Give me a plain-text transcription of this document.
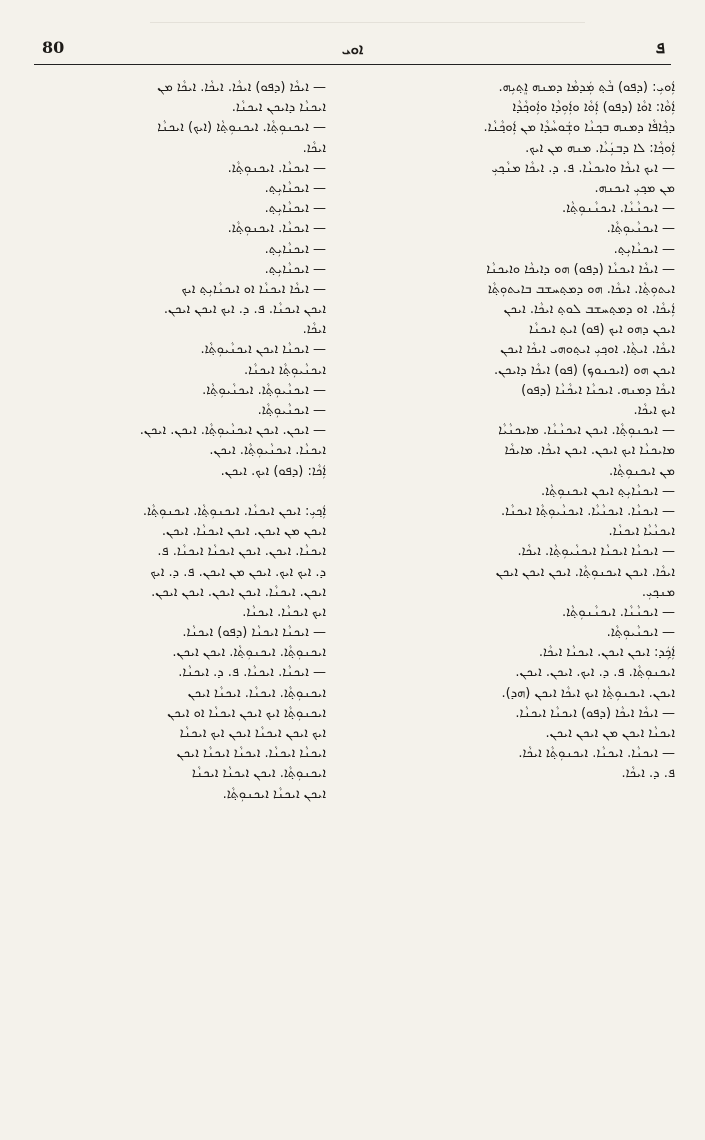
80	ܐܘܝ	ܦ
ܐܲܘܝܼ: (ܕܦܘ) ܒܵܬ݂ ܡܲܕܡܵܐ ܕܡܢܗ ܐܸܬ݂ܝܼܗ.
ܐܲܘܵܐ: ܐܘܵܐ (ܕܦܘ) ܐܲܘܵܐ ܘܐܲܘܼܕܵܐ ܘܐܲܘܟ݂ܵܕܵܐ
ܕܟ݂ܵܐܦܵܐ ܕܡܢܗ ܒܟ݂ܢܵܐ ܘܫܲܘܚܵܕܵܐ ܡܢ ܐܲܘܟ݂ܵܢܵܐ.
ܐܲܘܟ݂ܵܐ: ܠܐ ܕܒܢܲܝܵܐ. ܡܢܗ ܡܢ ܐܝܟ.
— ܐܝܟ ܐܝܟܵܐ ܘܐܝܟܢܵܐ. ܦ. ܕ. ܐܝܟܵܐ ܡܢܵܟ݂ܝܼ
ܡܢ ܡܟ݂ܝܼ ܐܝܟܢܗ.
— ܐܝܟܢܵܢܵܐ. ܐܝܟܢܵܢܘܼܬ݂ܵܐ.
— ܐܝܟܢܵܝܘܼܬ݂ܵܐ.
— ܐܝܟܢܵܐܝܼܬ݂.
— ܐܝܟܵܐ ܐܝܟܢܵܐ (ܕܦܘ) ܗܘ ܕܐܝܟܵܐ ܘܐܝܟܢܵܐ
ܐܝܬܘܼܬ݂ܵܐ. ܐܝܟܵܐ. ܗܘ ܕܡܬ݂ܚܫܒ ܒܐܝܬܘܼܬ݂ܵܐ
ܐܲܝܟܵܐ. ܐܘ ܕܡܬ݂ܚܫܒ ܠܘܬ݂ ܐܝܟܵܐ. ܐܝܟܢ
ܐܝܟܢ ܕܗܘ ܐܝܟ (ܦܘ) ܐܝܬ݂ ܐܝܟܢܵܐ
ܐܝܟܵܐ. ܐܝܬ݂ܵܐ. ܐܘܟ݂ܝܼ ܐܝܬ݂ܘܗܝ ܐܝܟܵܐ ܐܝܟܢ
ܐܝܟܢ ܗܘ (ܐܝܟܢܘܟ݂) (ܦܘ) ܐܝܟܵܐ ܕܐܝܟܢ.
ܐܝܟܵܐ ܕܡܢܗ. ܐܝܟܢܵܐ ܐܝܟܵܢܵܐ (ܕܦܘ)
ܐܝܟ ܐܝܟܵܐ.
— ܐܝܟܢܘܼܬ݂ܵܐ. ܐܝܟܢ ܐܝܟܢܵܢܵܐ. ܡܐܝܟܢܵܝܵܐ
ܡܐܝܟܢܵܐ ܐܝܟ ܐܝܟܢ. ܐܝܟܢ ܐܝܟܵܐ. ܡܐܝܟܵܐ
ܡܢ ܐܝܟܢܘܼܬ݂ܵܐ.
— ܐܝܟܢܵܐܝܼܬ݂ ܐܝܟܢ ܐܝܟܢܘܼܬ݂ܵܐ.
— ܐܝܟܢܵܐ. ܐܝܟܢܵܝܵܐ. ܐܝܟܢܵܝܘܼܬ݂ܵܐ ܐܝܟܢܵܐ.
ܐܝܟܢܵܝܵܐ ܐܝܟܢܵܐ.
— ܐܝܟܢܵܐ ܐܝܟܢܵܐ ܐܝܟܢܵܝܘܼܬ݂ܵܐ. ܐܝܟܵܐ.
ܐܝܟܵܐ. ܐܝܟܢ ܐܝܟܢܘܼܬ݂ܵܐ. ܐܝܟܢ ܐܝܟܢ ܐܝܟܢ
ܡܢܟ݂ܝܼ.
— ܐܝܟܢܵܢܵܐ. ܐܝܟܢܵܢܘܼܬ݂ܵܐ.
— ܐܝܟܢܵܝܘܼܬ݂ܵܐ.
ܐܲܟ݂ܲܕ: ܐܝܟܢ ܐܝܟܢ. ܐܝܟܢܵܐ ܐܝܟܵܐ.
ܐܝܟܢܘܼܬ݂ܵܐ. ܦ. ܕ. ܐܝܟ. ܐܝܟܢ. ܐܝܟܢ.
ܐܝܟܢ. ܐܝܟܢܘܼܬ݂ܵܐ ܐܝܟ ܐܝܟܵܐ ܐܝܟܢ (ܗܕ).
— ܐܝܟܵܐ ܐܝܟܵܐ (ܕܦܘ) ܐܝܟܢܵܐ ܐܝܟܢܵܐ.
ܐܝܟܢܵܐ ܐܝܟܢ ܡܢ ܐܝܟܢ ܐܝܟܢ.
— ܐܝܟܢܵܐ. ܐܝܟܢܵܐ. ܐܝܟܢܘܼܬ݂ܵܐ ܐܝܟܵܐ.
ܦ. ܕ. ܐܝܟܵܐ.
— ܐܝܟܵܐ (ܕܦܘ) ܐܝܟܵܐ. ܐܝܟܵܐ. ܐܝܟܵܐ ܡܢ
ܐܝܟܢܵܐ ܕܐܝܟܢ ܐܝܟܢܵܐ.
— ܐܝܟܢܘܼܬ݂ܵܐ. ܐܝܟܢܘܼܬ݂ܵܐ (ܐܝܟ) ܐܝܟܢܵܐ
ܐܝܟܵܐ.
— ܐܝܟܢܵܐ. ܐܝܟܢܘܼܬ݂ܵܐ.
— ܐܝܟܢܵܐܝܼܬ݂.
— ܐܝܟܢܵܐܝܼܬ݂.
— ܐܝܟܢܵܐ. ܐܝܟܢܘܼܬ݂ܵܐ.
— ܐܝܟܢܵܐܝܼܬ݂.
— ܐܝܟܢܵܐܝܼܬ݂.
— ܐܝܟܵܐ ܐܝܟܢܵܐ ܐܘ ܐܝܟܢܵܐܝܼܬ݂ ܐܝܟ
ܐܝܟܢ ܐܝܟܢܵܐ. ܦ. ܕ. ܐܝܟ ܐܝܟܢ ܐܝܟܢ.
ܐܝܟܵܐ.
— ܐܝܟܢܵܐ ܐܝܟܢ ܐܝܟܢܵܝܘܼܬ݂ܵܐ.
ܐܝܟܢܵܝܘܼܬ݂ܵܐ ܐܝܟܢܵܐ.
— ܐܝܟܢܵܝܘܼܬ݂ܵܐ. ܐܝܟܢܵܝܘܼܬ݂ܵܐ.
— ܐܝܟܢܵܝܘܼܬ݂ܵܐ.
— ܐܝܟܢ. ܐܝܟܢ ܐܝܟܢܵܝܘܼܬ݂ܵܐ. ܐܝܟܢ. ܐܝܟܢ.
ܐܝܟܢܵܐ. ܐܝܟܢܵܝܘܼܬ݂ܵܐ. ܐܝܟܢ.
ܐܲܟܵܐ: (ܕܦܘ) ܐܝܟ. ܐܝܟܢ.
ܐܲܟ݂ܝܼ: ܐܝܟܢ ܐܝܟܢܵܐ. ܐܝܟܢܘܼܬ݂ܵܐ. ܐܝܟܢܘܼܬ݂ܵܐ.
ܐܝܟܢ ܡܢ ܐܝܟܢ. ܐܝܟܢ ܐܝܟܢܵܐ. ܐܝܟܢ.
ܐܝܟܢܵܐ. ܐܝܟܢ. ܐܝܟܢ ܐܝܟܢܵܐ ܐܝܟܢܵܐ. ܦ.
ܕ. ܐܝܟ ܐܝܟ. ܐܝܟܢ ܡܢ ܐܝܟܢ. ܦ. ܕ. ܐܝܟ
ܐܝܟܢ. ܐܝܟܢܵܐ. ܐܝܟܢ ܐܝܟܢ. ܐܝܟܢ ܐܝܟܢ.
ܐܝܟ ܐܝܟܢܵܐ. ܐܝܟܢܵܐ.
— ܐܝܟܢܵܐ ܐܝܟܢܵܐ (ܕܦܘ) ܐܝܟܢܵܐ.
ܐܝܟܢܘܼܬ݂ܵܐ. ܐܝܟܢܘܼܬ݂ܵܐ. ܐܝܟܢ ܐܝܟܢ.
— ܐܝܟܢܵܐ. ܐܝܟܢܵܐ. ܦ. ܕ. ܐܝܟܢܵܐ.
ܐܝܟܢܘܼܬ݂ܵܐ. ܐܝܟܢܵܐ. ܐܝܟܢܵܐ ܐܝܟܢ
ܐܝܟܢܘܼܬ݂ܵܐ ܐܝܟ ܐܝܟܢ ܐܝܟܢܵܐ ܐܘ ܐܝܟܢ
ܐܝܟ ܐܝܟܢ ܐܝܟܢܵܐ ܐܝܟܢ ܐܝܟ ܐܝܟܢܵܐ
ܐܝܟܢܵܐ ܐܝܟܢܵܐ. ܐܝܟܢܵܐ ܐܝܟܢܵܐ ܐܝܟܢ
ܐܝܟܢܘܼܬ݂ܵܐ. ܐܝܟܢ ܐܝܟܢܵܐ ܐܝܟܢܵܐ
ܐܝܟܢ ܐܝܟܢܵܐ ܐܝܟܢܘܼܬ݂ܵܐ.
